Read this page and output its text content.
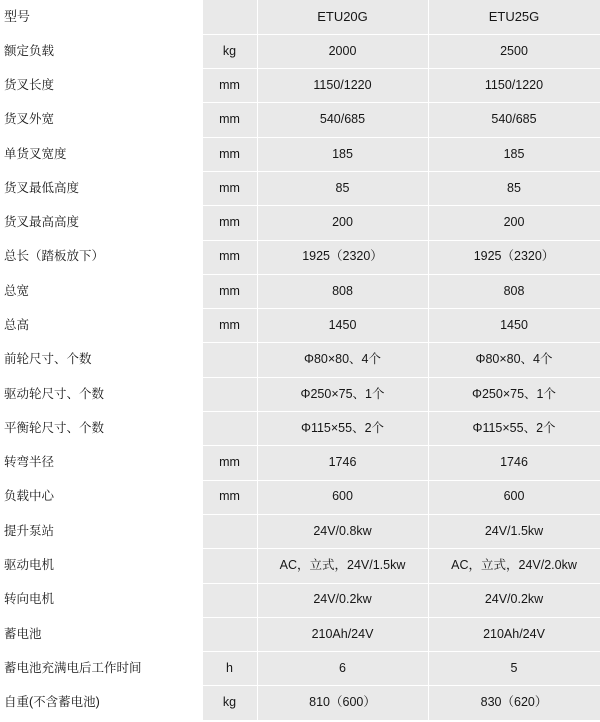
型号		ETU20G	ETU25G
额定负载	kg	2000	2500
货叉长度	mm	1150/1220	1150/1220
货叉外宽	mm	540/685	540/685
单货叉宽度	mm	185	185
货叉最低高度	mm	85	85
货叉最高高度	mm	200	200
总长（踏板放下）	mm	1925（2320）	1925（2320）
总宽	mm	808	808
总高	mm	1450	1450
前轮尺寸、个数		Φ80×80、4个	Φ80×80、4个
驱动轮尺寸、个数		Φ250×75、1个	Φ250×75、1个
平衡轮尺寸、个数		Φ115×55、2个	Φ115×55、2个
转弯半径	mm	1746	1746
负载中心	mm	600	600
提升泵站		24V/0.8kw	24V/1.5kw
驱动电机		AC，立式，24V/1.5kw	AC，立式，24V/2.0kw
转向电机		24V/0.2kw	24V/0.2kw
蓄电池		210Ah/24V	210Ah/24V
蓄电池充满电后工作时间	h	6	5
自重(不含蓄电池)	kg	810（600）	830（620）
